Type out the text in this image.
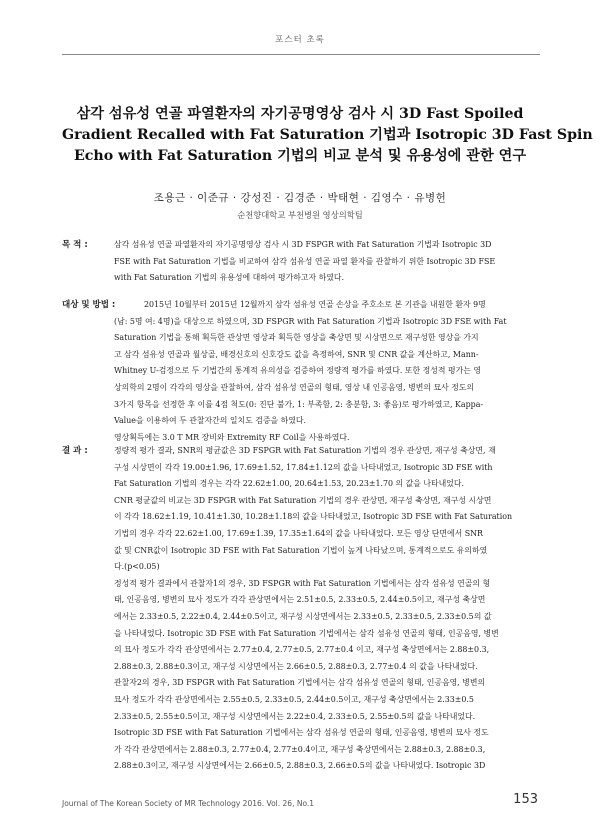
포스터 초록
삼각 섬유성 연골 파열환자의 자기공명영상 검사 시 3D Fast Spoiled
Gradient Recalled with Fat Saturation 기법과 Isotropic 3D Fast Spin
Echo with Fat Saturation 기법의 비교 분석 및 유용성에 관한 연구
조용근 · 이준규 · 강성진 · 김경준 · 박태현 · 김영수 · 유병헌
순천향대학교 부천병원 영상의학팀
목 적 :	삼각 섬유성 연골 파열환자의 자기공명영상 검사 시 3D FSPGR with Fat Saturation 기법과 Isotropic 3D
FSE with Fat Saturation 기법을 비교하여 삼각 섬유성 연골 파열 환자를 관찰하기 위한 Isotropic 3D FSE
with Fat Saturation 기법의 유용성에 대하여 평가하고자 하였다.
대상 및 방법 :	2015년 10월부터 2015년 12월까지 삼각 섬유성 연골 손상을 주호소로 본 기관을 내원한 환자 9명
(남: 5명 여: 4명)을 대상으로 하였으며, 3D FSPGR with Fat Saturation 기법과 Isotropic 3D FSE with Fat
Saturation 기법을 통해 획득한 관상면 영상과 획득한 영상을 축상면 및 시상면으로 재구성한 영상을 가지
고 삼각 섬유성 연골과 월상골, 배경신호의 신호강도 값을 측정하여, SNR 및 CNR 값을 계산하고, Mann-
Whitney U-검정으로 두 기법간의 통계적 유의성을 검증하여 정량적 평가를 하였다. 또한 정성적 평가는 영
상의학의 2명이 각각의 영상을 관찰하여, 삼각 섬유성 연골의 형태, 영상 내 인공음영, 병변의 묘사 정도의
3가지 항목을 선정한 후 이를 4점 척도(0: 진단 불가, 1: 부족함, 2: 충분함, 3: 좋음)로 평가하였고, Kappa-
Value을 이용하여 두 관찰자간의 일치도 검증을 하였다.
영상획득에는 3.0 T MR 장비와 Extremity RF Coil을 사용하였다.
결 과 :	정량적 평가 결과, SNR의 평균값은 3D FSPGR with Fat Saturation 기법의 경우 관상면, 재구성 축상면, 재
구성 시상면이 각각 19.00±1.96, 17.69±1.52, 17.84±1.12의 값을 나타내었고, Isotropic 3D FSE with
Fat Saturation 기법의 경우는 각각 22.62±1.00, 20.64±1.53, 20.23±1.70 의 값을 나타내었다.
CNR 평균값의 비교는 3D FSPGR with Fat Saturation 기법의 경우 관상면, 재구성 축상면, 재구성 시상면
이 각각 18.62±1.19, 10.41±1.30, 10.28±1.18의 값을 나타내었고, Isotropic 3D FSE with Fat Saturation
기법의 경우 각각 22.62±1.00, 17.69±1.39, 17.35±1.64의 값을 나타내었다. 모든 영상 단면에서 SNR
값 및 CNR값이 Isotropic 3D FSE with Fat Saturation 기법이 높게 나타났으며, 통계적으로도 유의하였
다.(p<0.05)
정성적 평가 결과에서 관찰자1의 경우, 3D FSPGR with Fat Saturation 기법에서는 삼각 섬유성 연골의 형
태, 인공음영, 병변의 묘사 정도가 각각 관상면에서는 2.51±0.5, 2.33±0.5, 2.44±0.5이고, 재구성 축상면
에서는 2.33±0.5, 2.22±0.4, 2.44±0.5이고, 재구성 시상면에서는 2.33±0.5, 2.33±0.5, 2.33±0.5의 값
을 나타내었다. Isotropic 3D FSE with Fat Saturation 기법에서는 삼각 섬유성 연골의 형태, 인공음영, 병변
의 묘사 정도가 각각 관상면에서는 2.77±0.4, 2.77±0.5, 2.77±0.4 이고, 재구성 축상면에서는 2.88±0.3,
2.88±0.3, 2.88±0.3이고, 재구성 시상면에서는 2.66±0.5, 2.88±0.3, 2.77±0.4 의 값을 나타내었다.
관찰자2의 경우, 3D FSPGR with Fat Saturation 기법에서는 삼각 섬유성 연골의 형태, 인공음영, 병변의
묘사 정도가 각각 관상면에서는 2.55±0.5, 2.33±0.5, 2.44±0.5이고, 재구성 축상면에서는 2.33±0.5
2.33±0.5, 2.55±0.5이고, 재구성 시상면에서는 2.22±0.4, 2.33±0.5, 2.55±0.5의 값을 나타내었다.
Isotropic 3D FSE with Fat Saturation 기법에서는 삼각 섬유성 연골의 형태, 인공음영, 병변의 묘사 정도
가 각각 관상면에서는 2.88±0.3, 2.77±0.4, 2.77±0.4이고, 재구성 축상면에서는 2.88±0.3, 2.88±0.3,
2.88±0.3이고, 재구성 시상면에서는 2.66±0.5, 2.88±0.3, 2.66±0.5의 값을 나타내었다. Isotropic 3D
Journal of The Korean Society of MR Technology 2016. Vol. 26, No.1	153
